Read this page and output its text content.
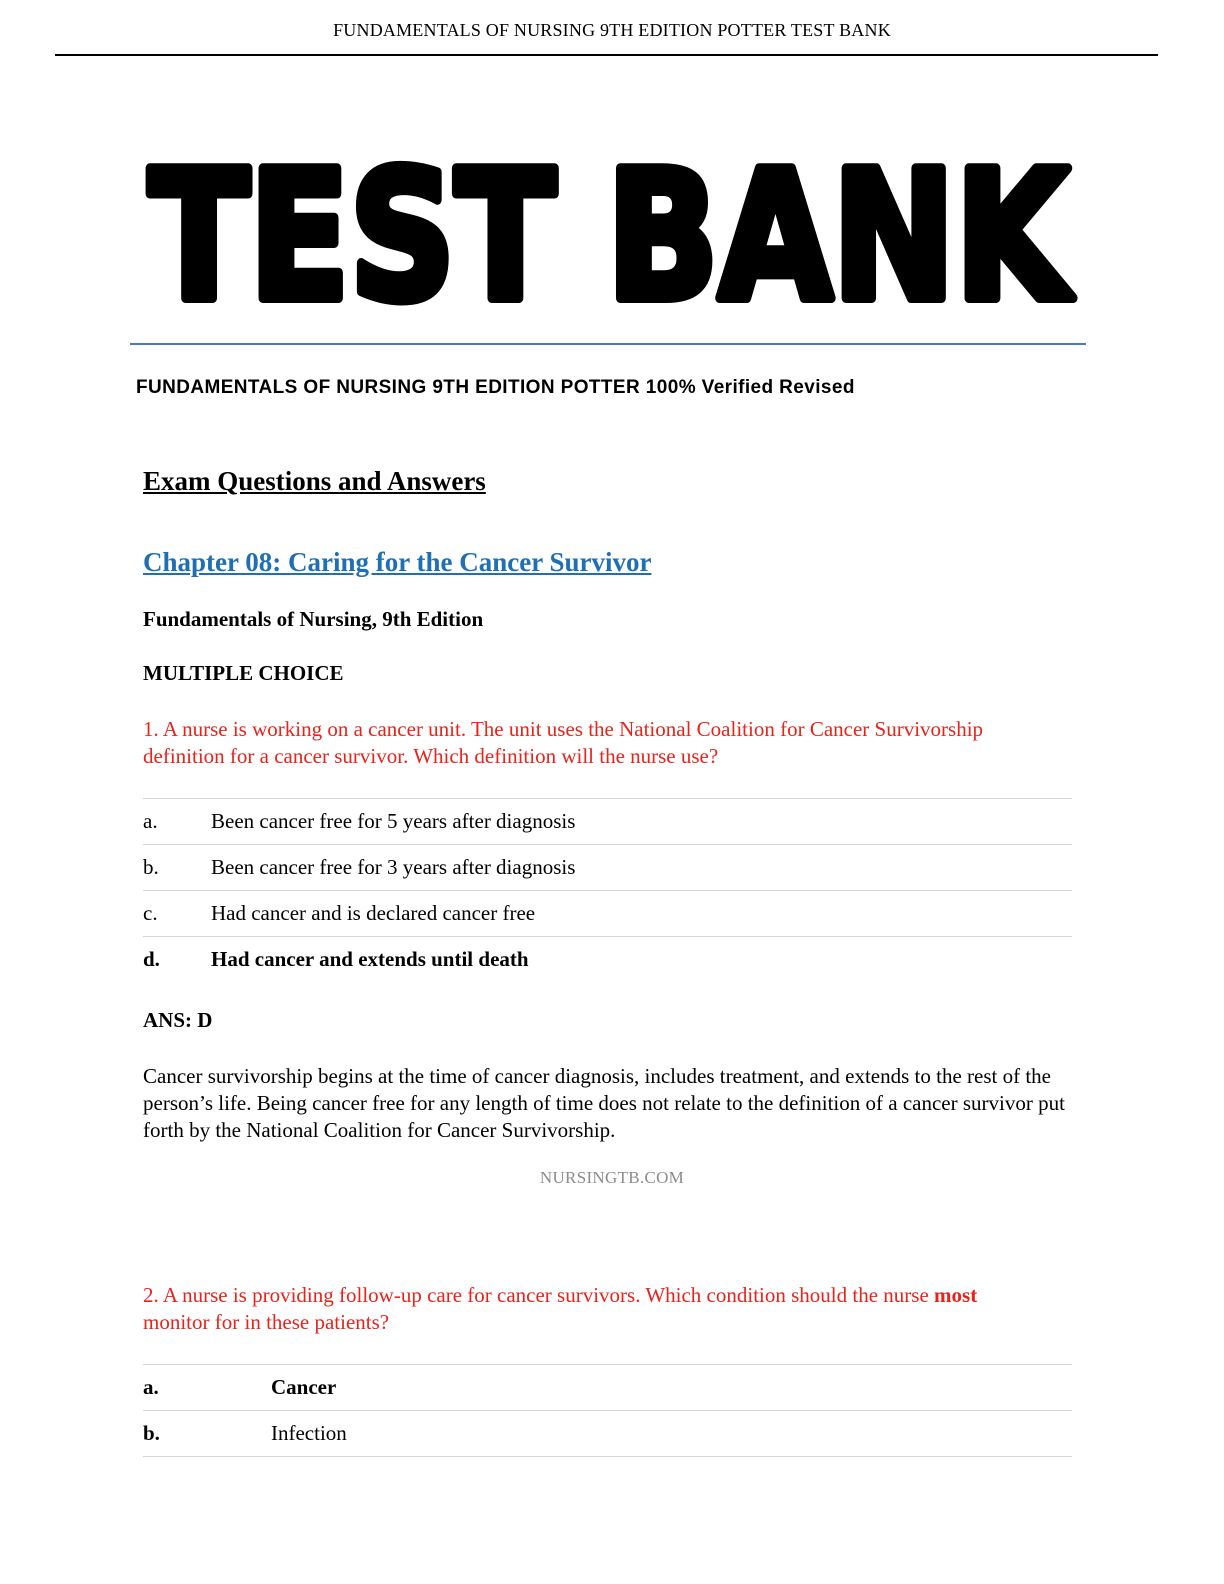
FUNDAMENTALS OF NURSING 9TH EDITION POTTER TEST BANK
TEST BANK
FUNDAMENTALS OF NURSING 9TH EDITION POTTER 100% Verified Revised
Exam Questions and Answers
Chapter 08: Caring for the Cancer Survivor
Fundamentals of Nursing, 9th Edition
MULTIPLE CHOICE
1. A nurse is working on a cancer unit. The unit uses the National Coalition for Cancer Survivorship definition for a cancer survivor. Which definition will the nurse use?
a.	Been cancer free for 5 years after diagnosis
b.	Been cancer free for 3 years after diagnosis
c.	Had cancer and is declared cancer free
d.	Had cancer and extends until death
ANS: D
Cancer survivorship begins at the time of cancer diagnosis, includes treatment, and extends to the rest of the person’s life. Being cancer free for any length of time does not relate to the definition of a cancer survivor put forth by the National Coalition for Cancer Survivorship.
NURSINGTB.COM
2. A nurse is providing follow-up care for cancer survivors. Which condition should the nurse most monitor for in these patients?
a.	Cancer
b.	Infection
